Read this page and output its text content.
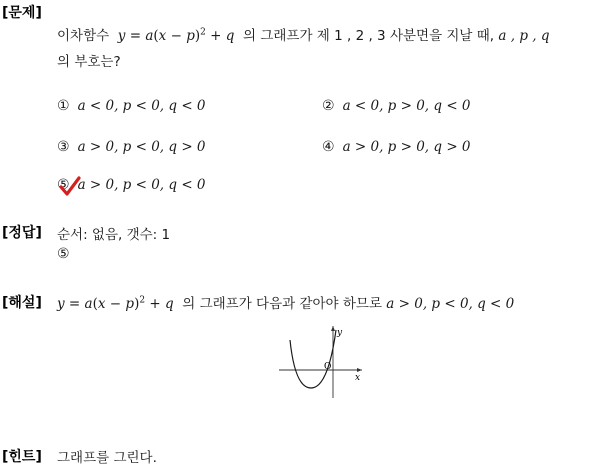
[문제]
이차함수 $y = a(x - p)^2 + q$ 의 그래프가 제 1 , 2 , 3 사분면을 지날 때, a , p , q
의 부호는?
① a < 0, p < 0, q < 0	② a < 0, p > 0, q < 0
③ a > 0, p < 0, q > 0	④ a > 0, p > 0, q > 0
⑤ a > 0, p < 0, q < 0
[정답] 순서: 없음, 갯수: 1
⑤
[해설] $y = a(x - p)^2 + q$ 의 그래프가 다음과 같아야 하므로 a > 0, p < 0, q < 0
y
x
O
[힌트] 그래프를 그린다.
